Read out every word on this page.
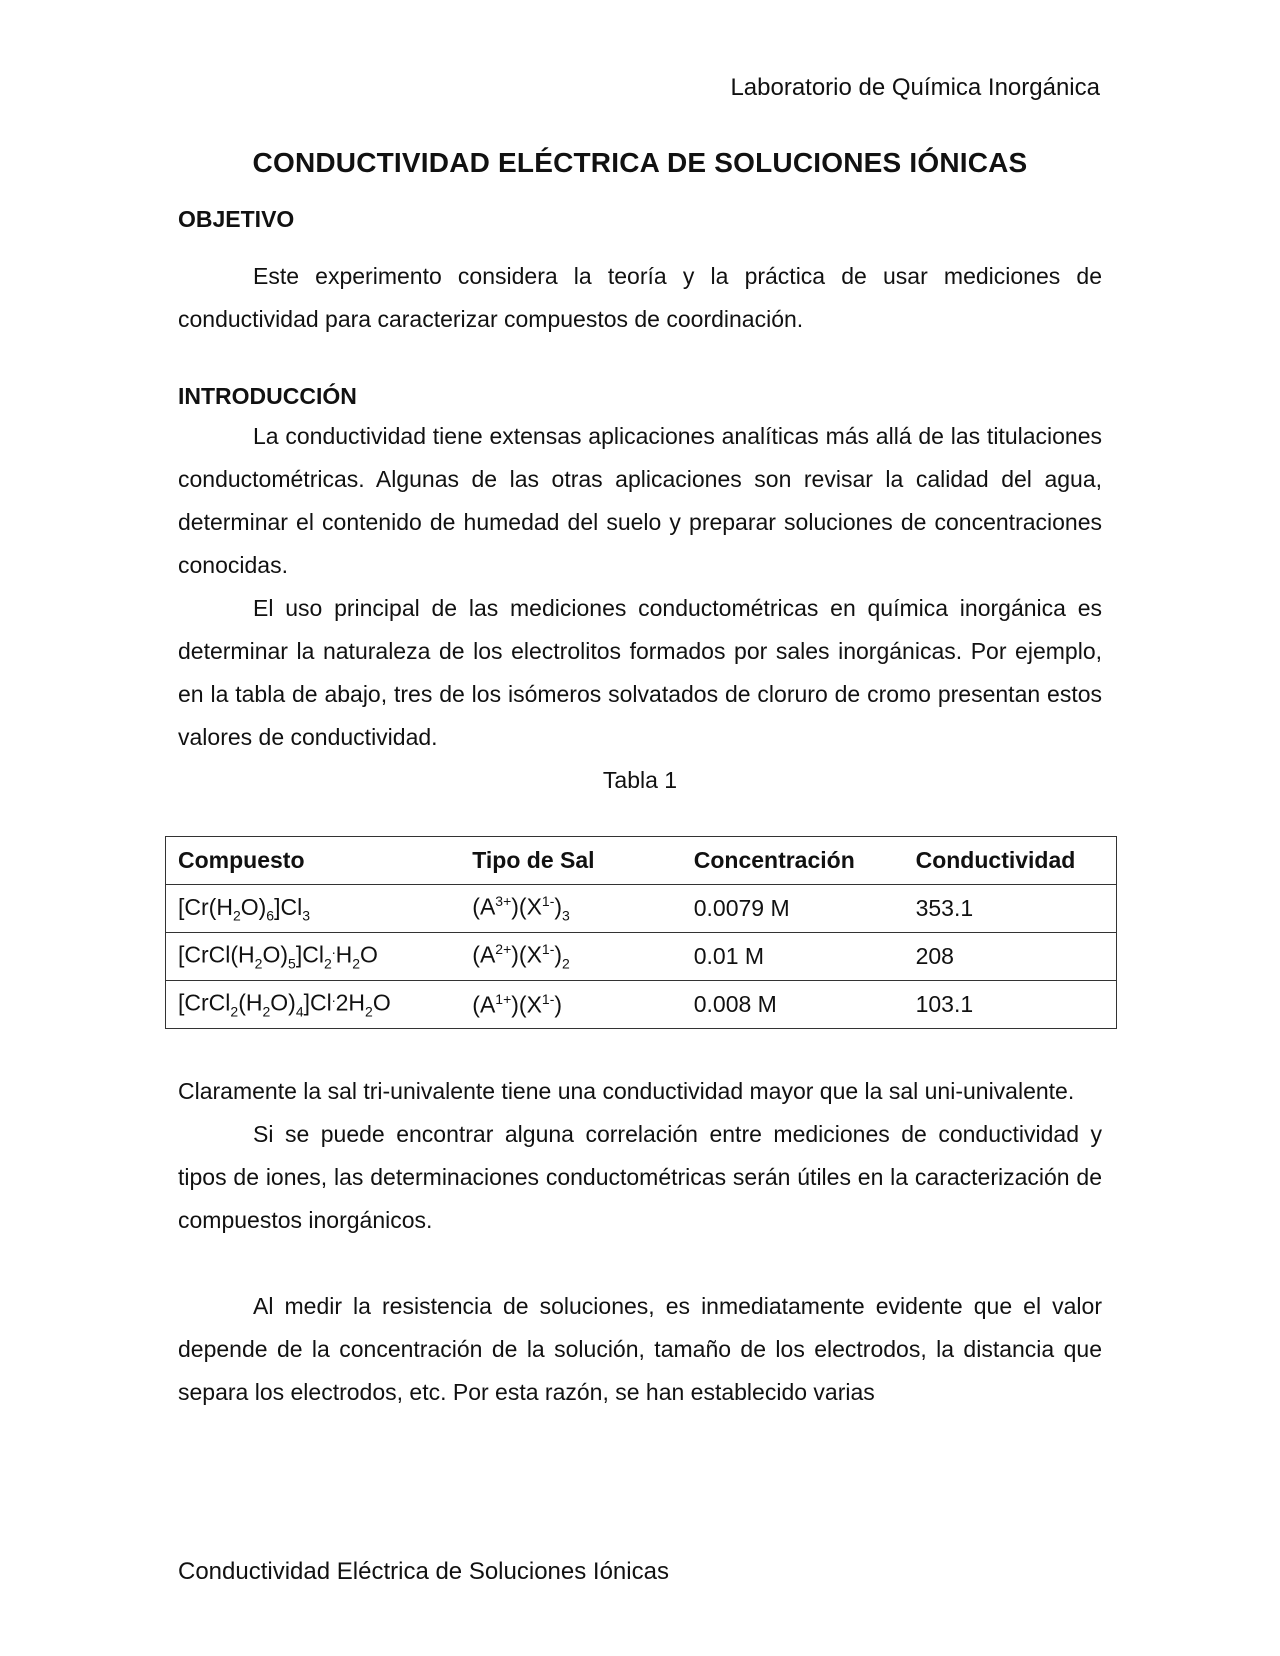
Laboratorio de Química Inorgánica
CONDUCTIVIDAD ELÉCTRICA DE SOLUCIONES IÓNICAS
OBJETIVO

Este experimento considera la teoría y la práctica de usar mediciones de conductividad para caracterizar compuestos de coordinación.

INTRODUCCIÓN

La conductividad tiene extensas aplicaciones analíticas más allá de las titulaciones conductométricas. Algunas de las otras aplicaciones son revisar la calidad del agua, determinar el contenido de humedad del suelo y preparar soluciones de concentraciones conocidas.

El uso principal de las mediciones conductométricas en química inorgánica es determinar la naturaleza de los electrolitos formados por sales inorgánicas. Por ejemplo, en la tabla de abajo, tres de los isómeros solvatados de cloruro de cromo presentan estos valores de conductividad.

Tabla 1
Compuesto	Tipo de Sal	Concentración	Conductividad
$[Cr(H_2O)_6]Cl_3$	$(A^{3+})(X^{1-})_3$	0.0079 M	353.1
$[CrCl(H_2O)_5]Cl_2^.H_2O$	$(A^{2+})(X^{1-})_2$	0.01 M	208
$[CrCl_2(H_2O)_4]Cl^.2H_2O$	$(A^{1+})(X^{1-})$	0.008 M	103.1

Claramente la sal tri-univalente tiene una conductividad mayor que la sal uni-univalente.

Si se puede encontrar alguna correlación entre mediciones de conductividad y tipos de iones, las determinaciones conductométricas serán útiles en la caracterización de compuestos inorgánicos.

Al medir la resistencia de soluciones, es inmediatamente evidente que el valor depende de la concentración de la solución, tamaño de los electrodos, la distancia que separa los electrodos, etc. Por esta razón, se han establecido varias

Conductividad Eléctrica de Soluciones Iónicas
